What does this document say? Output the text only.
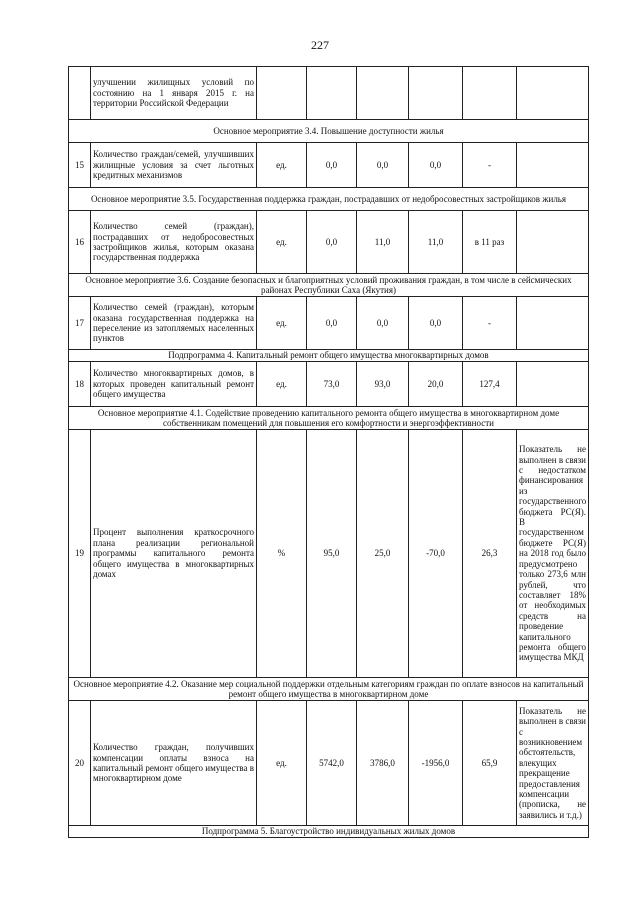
227
	улучшении жилищных условий по состоянию на 1 января 2015 г. на территории Российской Федерации						
Основное мероприятие 3.4. Повышение доступности жилья							
15	Количество граждан/семей, улучшивших жилищные условия за счет льготных кредитных механизмов	ед.	0,0	0,0	0,0	-	
Основное мероприятие 3.5. Государственная поддержка граждан, пострадавших от недобросовестных застройщиков жилья							
16	Количество семей (граждан), пострадавших от недобросовестных застройщиков жилья, которым оказана государственная поддержка	ед.	0,0	11,0	11,0	в 11 раз	
Основное мероприятие 3.6. Создание безопасных и благоприятных условий проживания граждан, в том числе в сейсмических районах Республики Саха (Якутия)							
17	Количество семей (граждан), которым оказана государственная поддержка на переселение из затопляемых населенных пунктов	ед.	0,0	0,0	0,0	-	
Подпрограмма 4. Капитальный ремонт общего имущества многоквартирных домов							
18	Количество многоквартирных домов, в которых проведен капитальный ремонт общего имущества	ед.	73,0	93,0	20,0	127,4	
Основное мероприятие 4.1. Содействие проведению капитального ремонта общего имущества в многоквартирном доме собственникам помещений для повышения его комфортности и энергоэффективности							
19	Процент выполнения краткосрочного плана реализации региональной программы капитального ремонта общего имущества в многоквартирных домах	%	95,0	25,0	-70,0	26,3	Показатель не выполнен в связи с недостатком финансирования из государственного бюджета РС(Я). В государственном бюджете РС(Я) на 2018 год было предусмотрено только 273,6 млн рублей, что составляет 18% от необходимых средств на проведение капитального ремонта общего имущества МКД
Основное мероприятие 4.2. Оказание мер социальной поддержки отдельным категориям граждан по оплате взносов на капитальный ремонт общего имущества в многоквартирном доме							
20	Количество граждан, получивших компенсации оплаты взноса на капитальный ремонт общего имущества в многоквартирном доме	ед.	5742,0	3786,0	-1956,0	65,9	Показатель не выполнен в связи с возникновением обстоятельств, влекущих прекращение предоставления компенсации (прописка, не заявились и т.д.)
Подпрограмма 5. Благоустройство индивидуальных жилых домов							
